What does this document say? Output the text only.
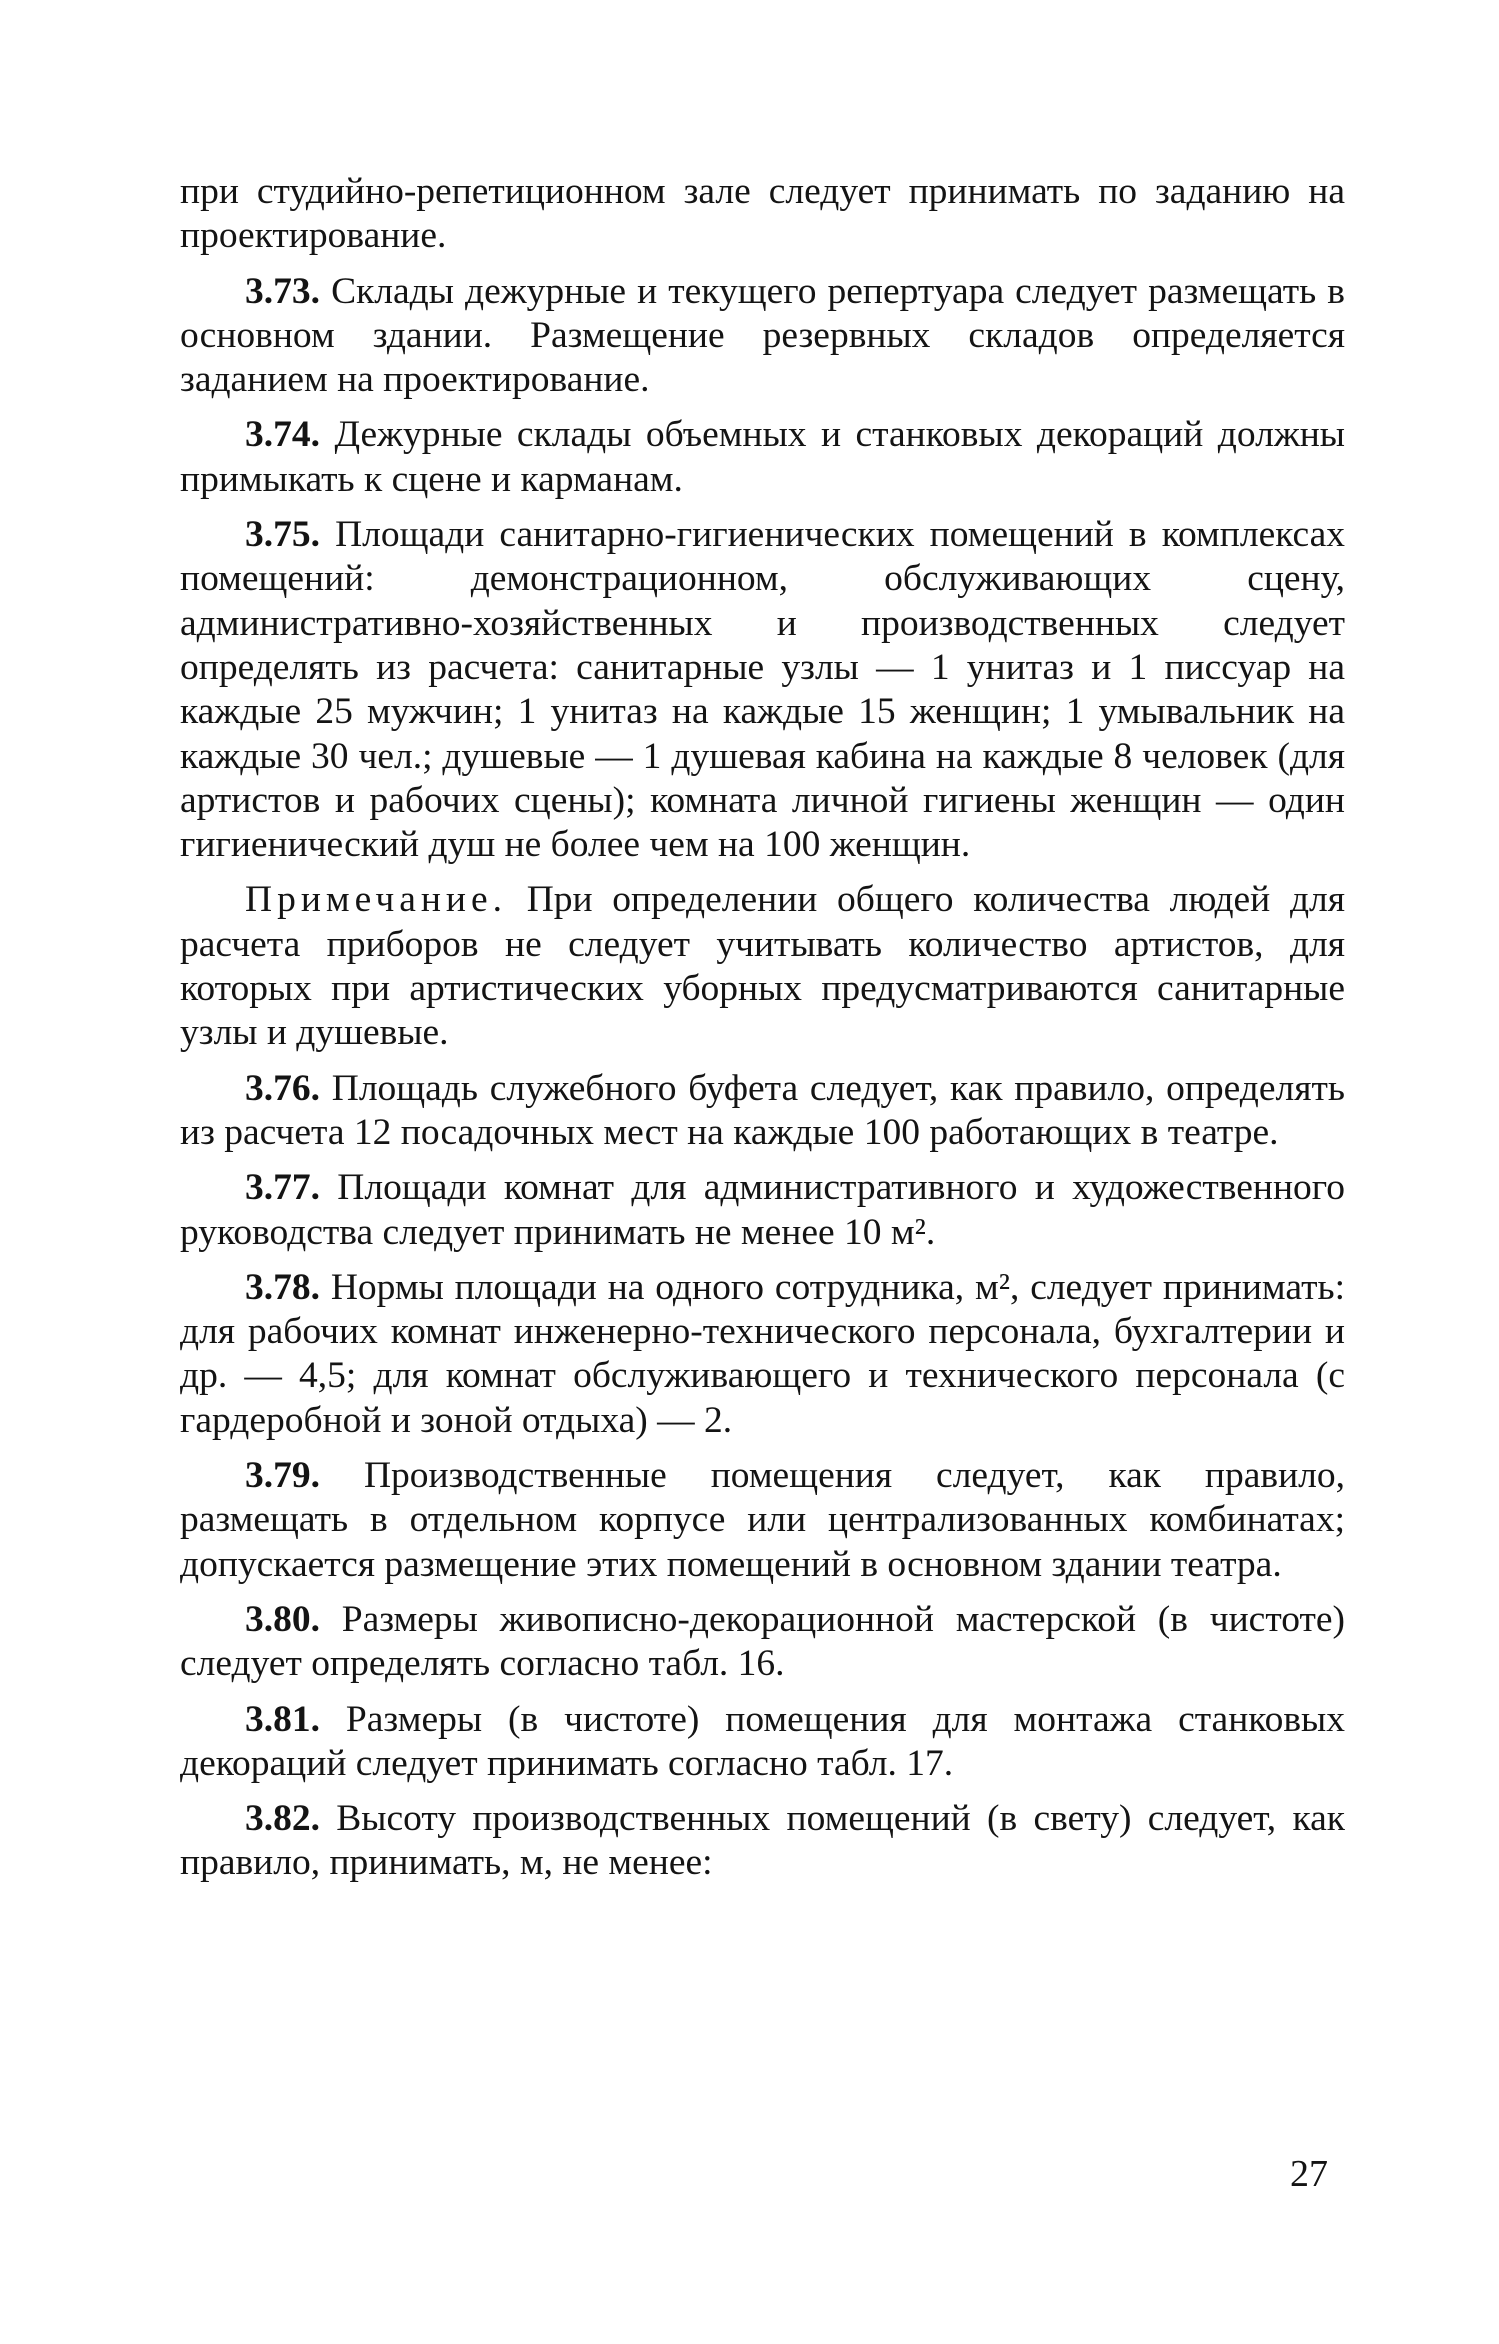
при студийно-репетиционном зале следует принимать по заданию на проектирование.

3.73. Склады дежурные и текущего репертуара следует размещать в основном здании. Размещение резервных складов определяется заданием на проектирование.

3.74. Дежурные склады объемных и станковых декораций должны примыкать к сцене и карманам.

3.75. Площади санитарно-гигиенических помещений в комплексах помещений: демонстрационном, обслуживающих сцену, административно-хозяйственных и производственных следует определять из расчета: санитарные узлы — 1 унитаз и 1 писсуар на каждые 25 мужчин; 1 унитаз на каждые 15 женщин; 1 умывальник на каждые 30 чел.; душевые — 1 душевая кабина на каждые 8 человек (для артистов и рабочих сцены); комната личной гигиены женщин — один гигиенический душ не более чем на 100 женщин.

Примечание. При определении общего количества людей для расчета приборов не следует учитывать количество артистов, для которых при артистических уборных предусматриваются санитарные узлы и душевые.

3.76. Площадь служебного буфета следует, как правило, определять из расчета 12 посадочных мест на каждые 100 работающих в театре.

3.77. Площади комнат для административного и художественного руководства следует принимать не менее 10 м².

3.78. Нормы площади на одного сотрудника, м², следует принимать: для рабочих комнат инженерно-технического персонала, бухгалтерии и др. — 4,5; для комнат обслуживающего и технического персонала (с гардеробной и зоной отдыха) — 2.

3.79. Производственные помещения следует, как правило, размещать в отдельном корпусе или централизованных комбинатах; допускается размещение этих помещений в основном здании театра.

3.80. Размеры живописно-декорационной мастерской (в чистоте) следует определять согласно табл. 16.

3.81. Размеры (в чистоте) помещения для монтажа станковых декораций следует принимать согласно табл. 17.

3.82. Высоту производственных помещений (в свету) следует, как правило, принимать, м, не менее:

27
